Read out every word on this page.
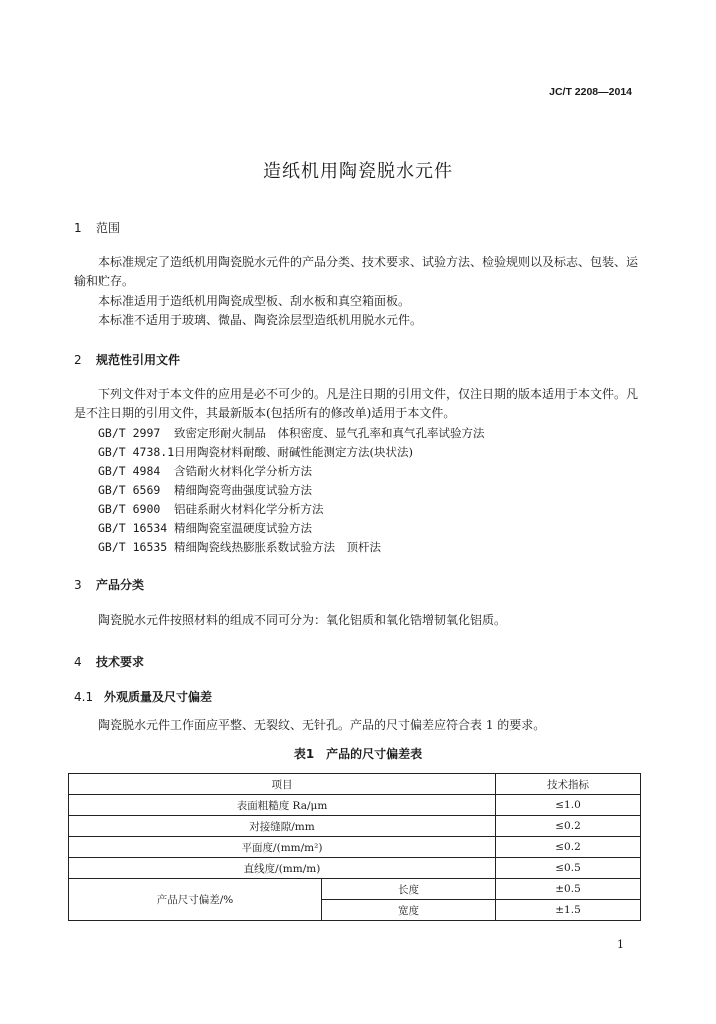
JC/T 2208—2014
造纸机用陶瓷脱水元件
1 范围

本标准规定了造纸机用陶瓷脱水元件的产品分类、技术要求、试验方法、检验规则以及标志、包装、运输和贮存。

本标准适用于造纸机用陶瓷成型板、刮水板和真空箱面板。

本标准不适用于玻璃、微晶、陶瓷涂层型造纸机用脱水元件。

2 规范性引用文件

下列文件对于本文件的应用是必不可少的。凡是注日期的引用文件，仅注日期的版本适用于本文件。凡是不注日期的引用文件，其最新版本(包括所有的修改单)适用于本文件。

GB/T 2997 致密定形耐火制品　体积密度、显气孔率和真气孔率试验方法
GB/T 4738.1日用陶瓷材料耐酸、耐碱性能测定方法(块状法)
GB/T 4984 含锆耐火材料化学分析方法
GB/T 6569 精细陶瓷弯曲强度试验方法
GB/T 6900 铝硅系耐火材料化学分析方法
GB/T 16534 精细陶瓷室温硬度试验方法
GB/T 16535 精细陶瓷线热膨胀系数试验方法　顶杆法
3 产品分类

陶瓷脱水元件按照材料的组成不同可分为：氧化铝质和氧化锆增韧氧化铝质。

4 技术要求
4.1 外观质量及尺寸偏差

陶瓷脱水元件工作面应平整、无裂纹、无针孔。产品的尺寸偏差应符合表 1 的要求。

表1　产品的尺寸偏差表
项目		技术指标
表面粗糙度 Ra/μm		≤1.0
对接缝隙/mm		≤0.2
平面度/(mm/m²)		≤0.2
直线度/(mm/m)		≤0.5
产品尺寸偏差/%	长度	±0.5
	宽度	±1.5
1
